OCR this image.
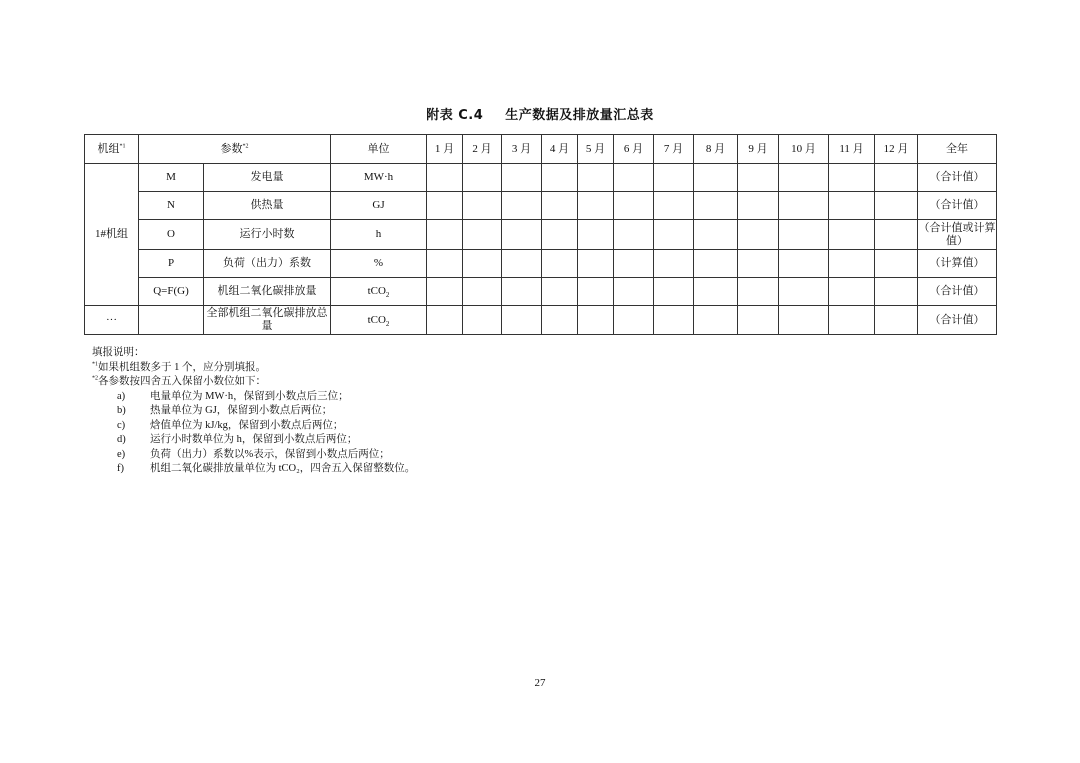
附表 C.4 生产数据及排放量汇总表
机组$^{*1}$	参数$^{*2}$		单位	1 月	2 月	3 月	4 月	5 月	6 月	7 月	8 月	9 月	10 月	11 月	12 月	全年
1#机组	M	发电量	MW·h													（合计值）
	N	供热量	GJ													（合计值）
	O	运行小时数	h													（合计值或计算值）
	P	负荷（出力）系数	%													（计算值）
	Q=F(G)	机组二氧化碳排放量	tCO$_2$													（合计值）
···		全部机组二氧化碳排放总量	tCO$_2$													（合计值）
填报说明：
$^{*1}$如果机组数多于 1 个，应分别填报。
$^{*2}$各参数按四舍五入保留小数位如下：
a)	电量单位为 MW·h，保留到小数点后三位；
b)	热量单位为 GJ，保留到小数点后两位；
c)	焓值单位为 kJ/kg，保留到小数点后两位；
d)	运行小时数单位为 h，保留到小数点后两位；
e)	负荷（出力）系数以%表示，保留到小数点后两位；
f)	机组二氧化碳排放量单位为 tCO₂，四舍五入保留整数位。
27
